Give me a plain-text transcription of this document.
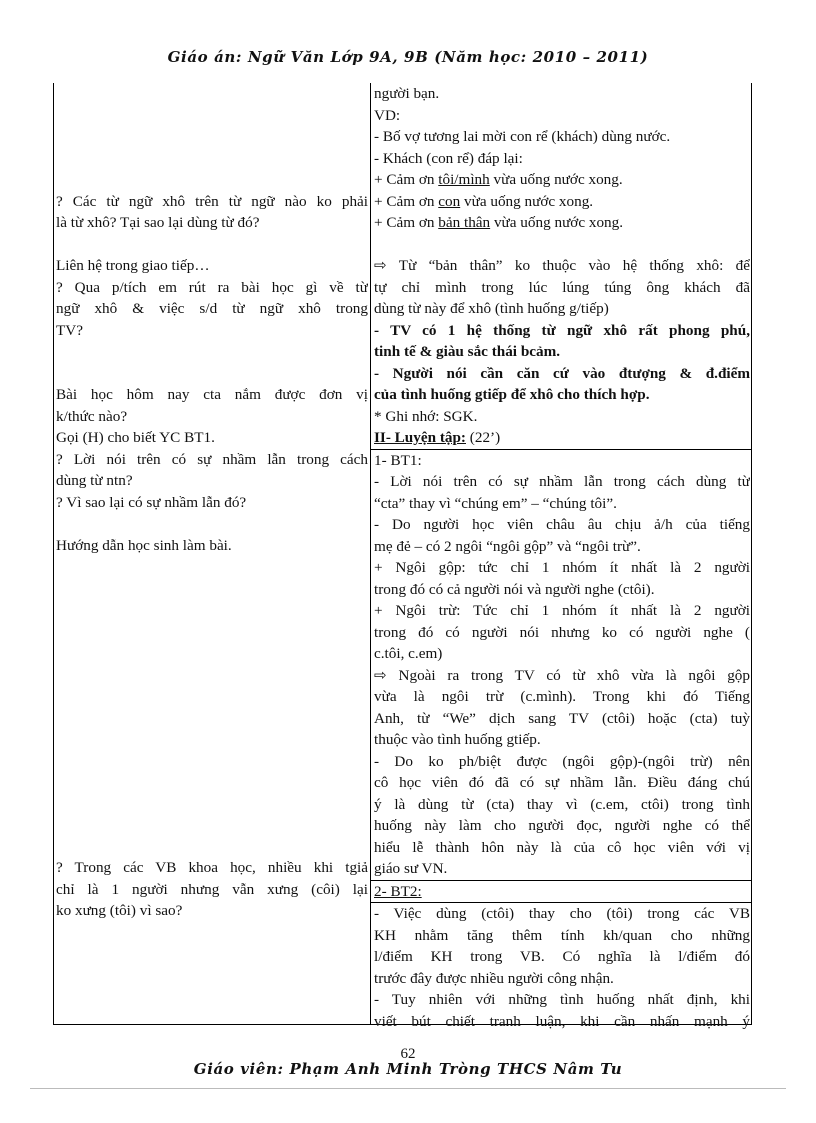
Giáo án: Ngữ Văn Lớp 9A, 9B (Năm học: 2010 – 2011)
? Các từ ngữ xhô trên từ ngữ nào ko phải
là từ xhô? Tại sao lại dùng từ đó?
Liên hệ trong giao tiếp…
? Qua p/tích em rút ra bài học gì về từ
ngữ xhô & việc s/d từ ngữ xhô trong
TV?
Bài học hôm nay cta nắm được đơn vị
k/thức nào?
Gọi (H) cho biết YC BT1.
? Lời nói trên có sự nhầm lẫn trong cách
dùng từ ntn?
? Vì sao lại có sự nhầm lẫn đó?
Hướng dẫn học sinh làm bài.
? Trong các VB khoa học, nhiều khi tgiả
chỉ là 1 người nhưng vẫn xưng (côi) lại
ko xưng (tôi) vì sao?
người bạn.
VD:
- Bố vợ tương lai mời con rể (khách) dùng nước.
- Khách (con rể) đáp lại:
+ Cảm ơn tôi/mình vừa uống nước xong.
+ Cảm ơn con vừa uống nước xong.
+ Cảm ơn bản thân vừa uống nước xong.
⇨ Từ “bản thân” ko thuộc vào hệ thống xhô: để
tự chỉ mình trong lúc lúng túng ông khách đã
dùng từ này để xhô (tình huống g/tiếp)
- TV có 1 hệ thống từ ngữ xhô rất phong phú,
tinh tế & giàu sắc thái bcảm.
- Người nói cần căn cứ vào đtượng & đ.điểm
của tình huống gtiếp để xhô cho thích hợp.
* Ghi nhớ: SGK.
II- Luyện tập: (22’)
1- BT1:
- Lời nói trên có sự nhầm lẫn trong cách dùng từ
“cta” thay vì “chúng em” – “chúng tôi”.
- Do người học viên châu âu chịu ả/h của tiếng
mẹ đẻ – có 2 ngôi “ngôi gộp” và “ngôi trừ”.
+ Ngôi gộp: tức chỉ 1 nhóm ít nhất là 2 người
trong đó có cả người nói và người nghe (ctôi).
+ Ngôi trừ: Tức chỉ 1 nhóm ít nhất là 2 người
trong đó có người nói nhưng ko có người nghe (
c.tôi, c.em)
⇨ Ngoài ra trong TV có từ xhô vừa là ngôi gộp
vừa là ngôi trừ (c.mình). Trong khi đó Tiếng
Anh, từ “We” dịch sang TV (ctôi) hoặc (cta) tuỳ
thuộc vào tình huống gtiếp.
- Do ko ph/biệt được (ngôi gộp)-(ngôi trừ) nên
cô học viên đó đã có sự nhầm lẫn. Điều đáng chú
ý là dùng từ (cta) thay vì (c.em, ctôi) trong tình
huống này làm cho người đọc, người nghe có thể
hiểu lễ thành hôn này là của cô học viên với vị
giáo sư VN.
2- BT2:
- Việc dùng (ctôi) thay cho (tôi) trong các VB
KH nhằm tăng thêm tính kh/quan cho những
l/điểm KH trong VB. Có nghĩa là l/điểm đó
trước đây được nhiều người công nhận.
- Tuy nhiên với những tình huống nhất định, khi
viết bút chiết tranh luận, khi cần nhấn mạnh ý
62
Giáo viên: Phạm Anh Minh Tròng THCS Nâm Tu
